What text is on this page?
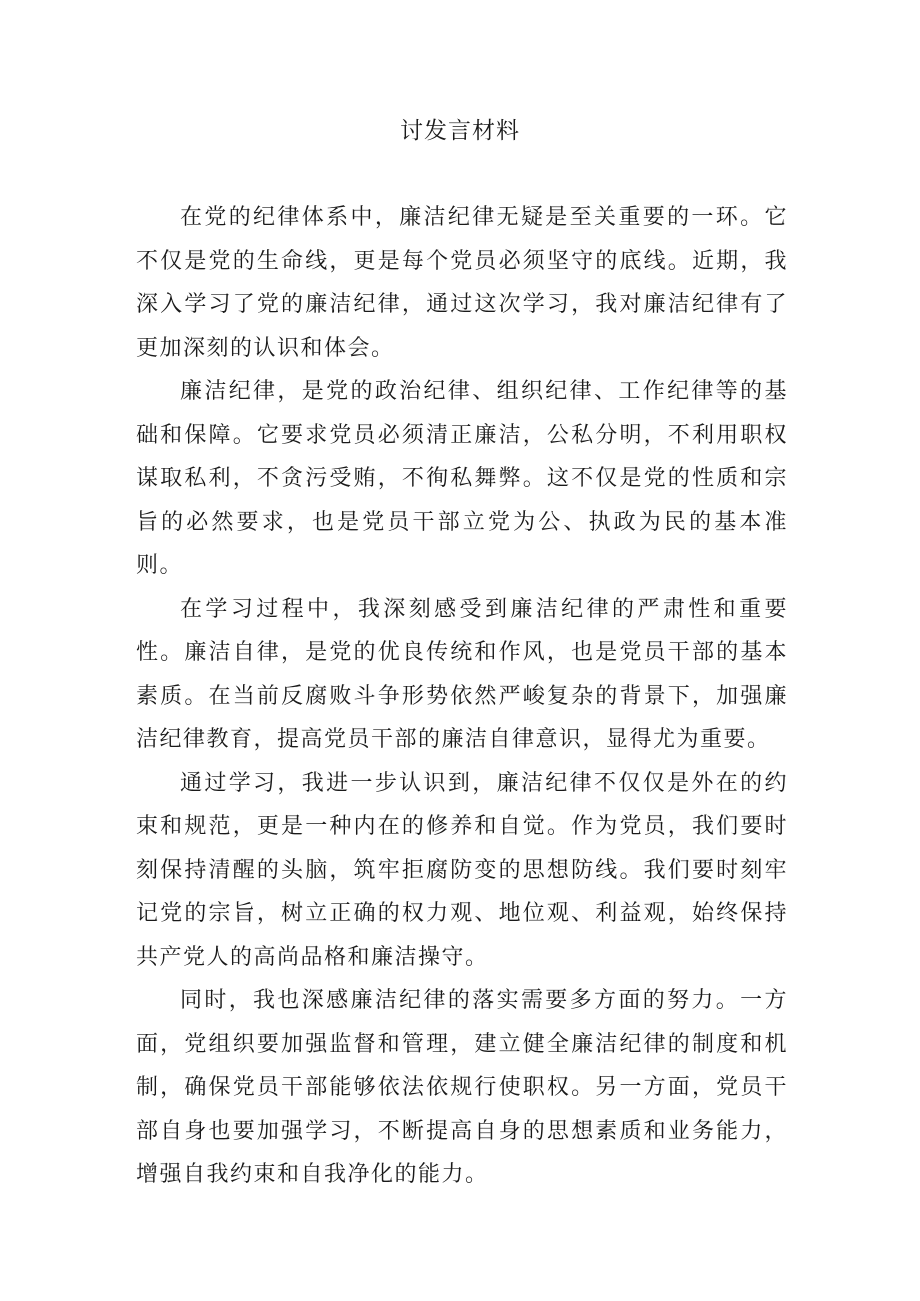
讨发言材料

在党的纪律体系中，廉洁纪律无疑是至关重要的一环。它不仅是党的生命线，更是每个党员必须坚守的底线。近期，我深入学习了党的廉洁纪律，通过这次学习，我对廉洁纪律有了更加深刻的认识和体会。

廉洁纪律，是党的政治纪律、组织纪律、工作纪律等的基础和保障。它要求党员必须清正廉洁，公私分明，不利用职权谋取私利，不贪污受贿，不徇私舞弊。这不仅是党的性质和宗旨的必然要求，也是党员干部立党为公、执政为民的基本准则。

在学习过程中，我深刻感受到廉洁纪律的严肃性和重要性。廉洁自律，是党的优良传统和作风，也是党员干部的基本素质。在当前反腐败斗争形势依然严峻复杂的背景下，加强廉洁纪律教育，提高党员干部的廉洁自律意识，显得尤为重要。

通过学习，我进一步认识到，廉洁纪律不仅仅是外在的约束和规范，更是一种内在的修养和自觉。作为党员，我们要时刻保持清醒的头脑，筑牢拒腐防变的思想防线。我们要时刻牢记党的宗旨，树立正确的权力观、地位观、利益观，始终保持共产党人的高尚品格和廉洁操守。

同时，我也深感廉洁纪律的落实需要多方面的努力。一方面，党组织要加强监督和管理，建立健全廉洁纪律的制度和机制，确保党员干部能够依法依规行使职权。另一方面，党员干部自身也要加强学习，不断提高自身的思想素质和业务能力，增强自我约束和自我净化的能力。
